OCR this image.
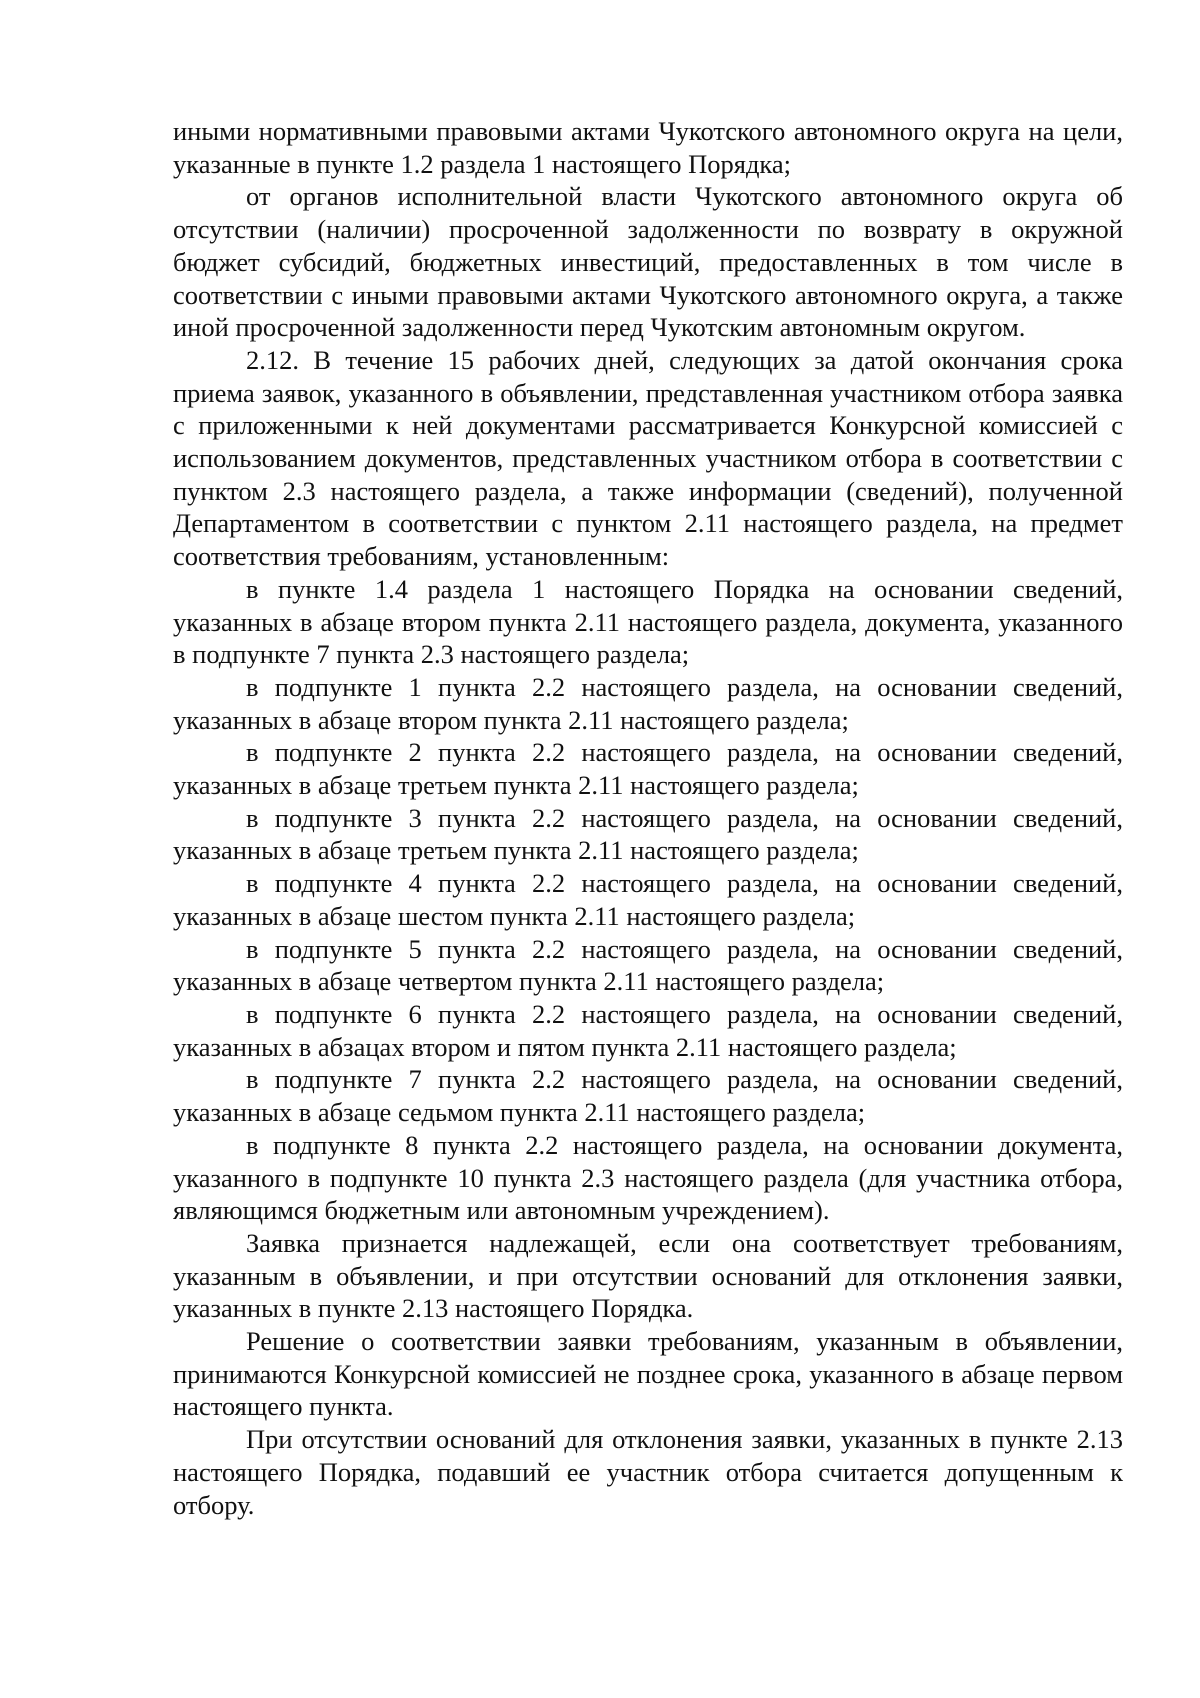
иными нормативными правовыми актами Чукотского автономного округа на цели, указанные в пункте 1.2 раздела 1 настоящего Порядка;

от органов исполнительной власти Чукотского автономного округа об отсутствии (наличии) просроченной задолженности по возврату в окружной бюджет субсидий, бюджетных инвестиций, предоставленных в том числе в соответствии с иными правовыми актами Чукотского автономного округа, а также иной просроченной задолженности перед Чукотским автономным округом.

2.12. В течение 15 рабочих дней, следующих за датой окончания срока приема заявок, указанного в объявлении, представленная участником отбора заявка с приложенными к ней документами рассматривается Конкурсной комиссией с использованием документов, представленных участником отбора в соответствии с пунктом 2.3 настоящего раздела, а также информации (сведений), полученной Департаментом в соответствии с пунктом 2.11 настоящего раздела, на предмет соответствия требованиям, установленным:

в пункте 1.4 раздела 1 настоящего Порядка на основании сведений, указанных в абзаце втором пункта 2.11 настоящего раздела, документа, указанного в подпункте 7 пункта 2.3 настоящего раздела;

в подпункте 1 пункта 2.2 настоящего раздела, на основании сведений, указанных в абзаце втором пункта 2.11 настоящего раздела;

в подпункте 2 пункта 2.2 настоящего раздела, на основании сведений, указанных в абзаце третьем пункта 2.11 настоящего раздела;

в подпункте 3 пункта 2.2 настоящего раздела, на основании сведений, указанных в абзаце третьем пункта 2.11 настоящего раздела;

в подпункте 4 пункта 2.2 настоящего раздела, на основании сведений, указанных в абзаце шестом пункта 2.11 настоящего раздела;

в подпункте 5 пункта 2.2 настоящего раздела, на основании сведений, указанных в абзаце четвертом пункта 2.11 настоящего раздела;

в подпункте 6 пункта 2.2 настоящего раздела, на основании сведений, указанных в абзацах втором и пятом пункта 2.11 настоящего раздела;

в подпункте 7 пункта 2.2 настоящего раздела, на основании сведений, указанных в абзаце седьмом пункта 2.11 настоящего раздела;

в подпункте 8 пункта 2.2 настоящего раздела, на основании документа, указанного в подпункте 10 пункта 2.3 настоящего раздела (для участника отбора, являющимся бюджетным или автономным учреждением).

Заявка признается надлежащей, если она соответствует требованиям, указанным в объявлении, и при отсутствии оснований для отклонения заявки, указанных в пункте 2.13 настоящего Порядка.

Решение о соответствии заявки требованиям, указанным в объявлении, принимаются Конкурсной комиссией не позднее срока, указанного в абзаце первом настоящего пункта.

При отсутствии оснований для отклонения заявки, указанных в пункте 2.13 настоящего Порядка, подавший ее участник отбора считается допущенным к отбору.
